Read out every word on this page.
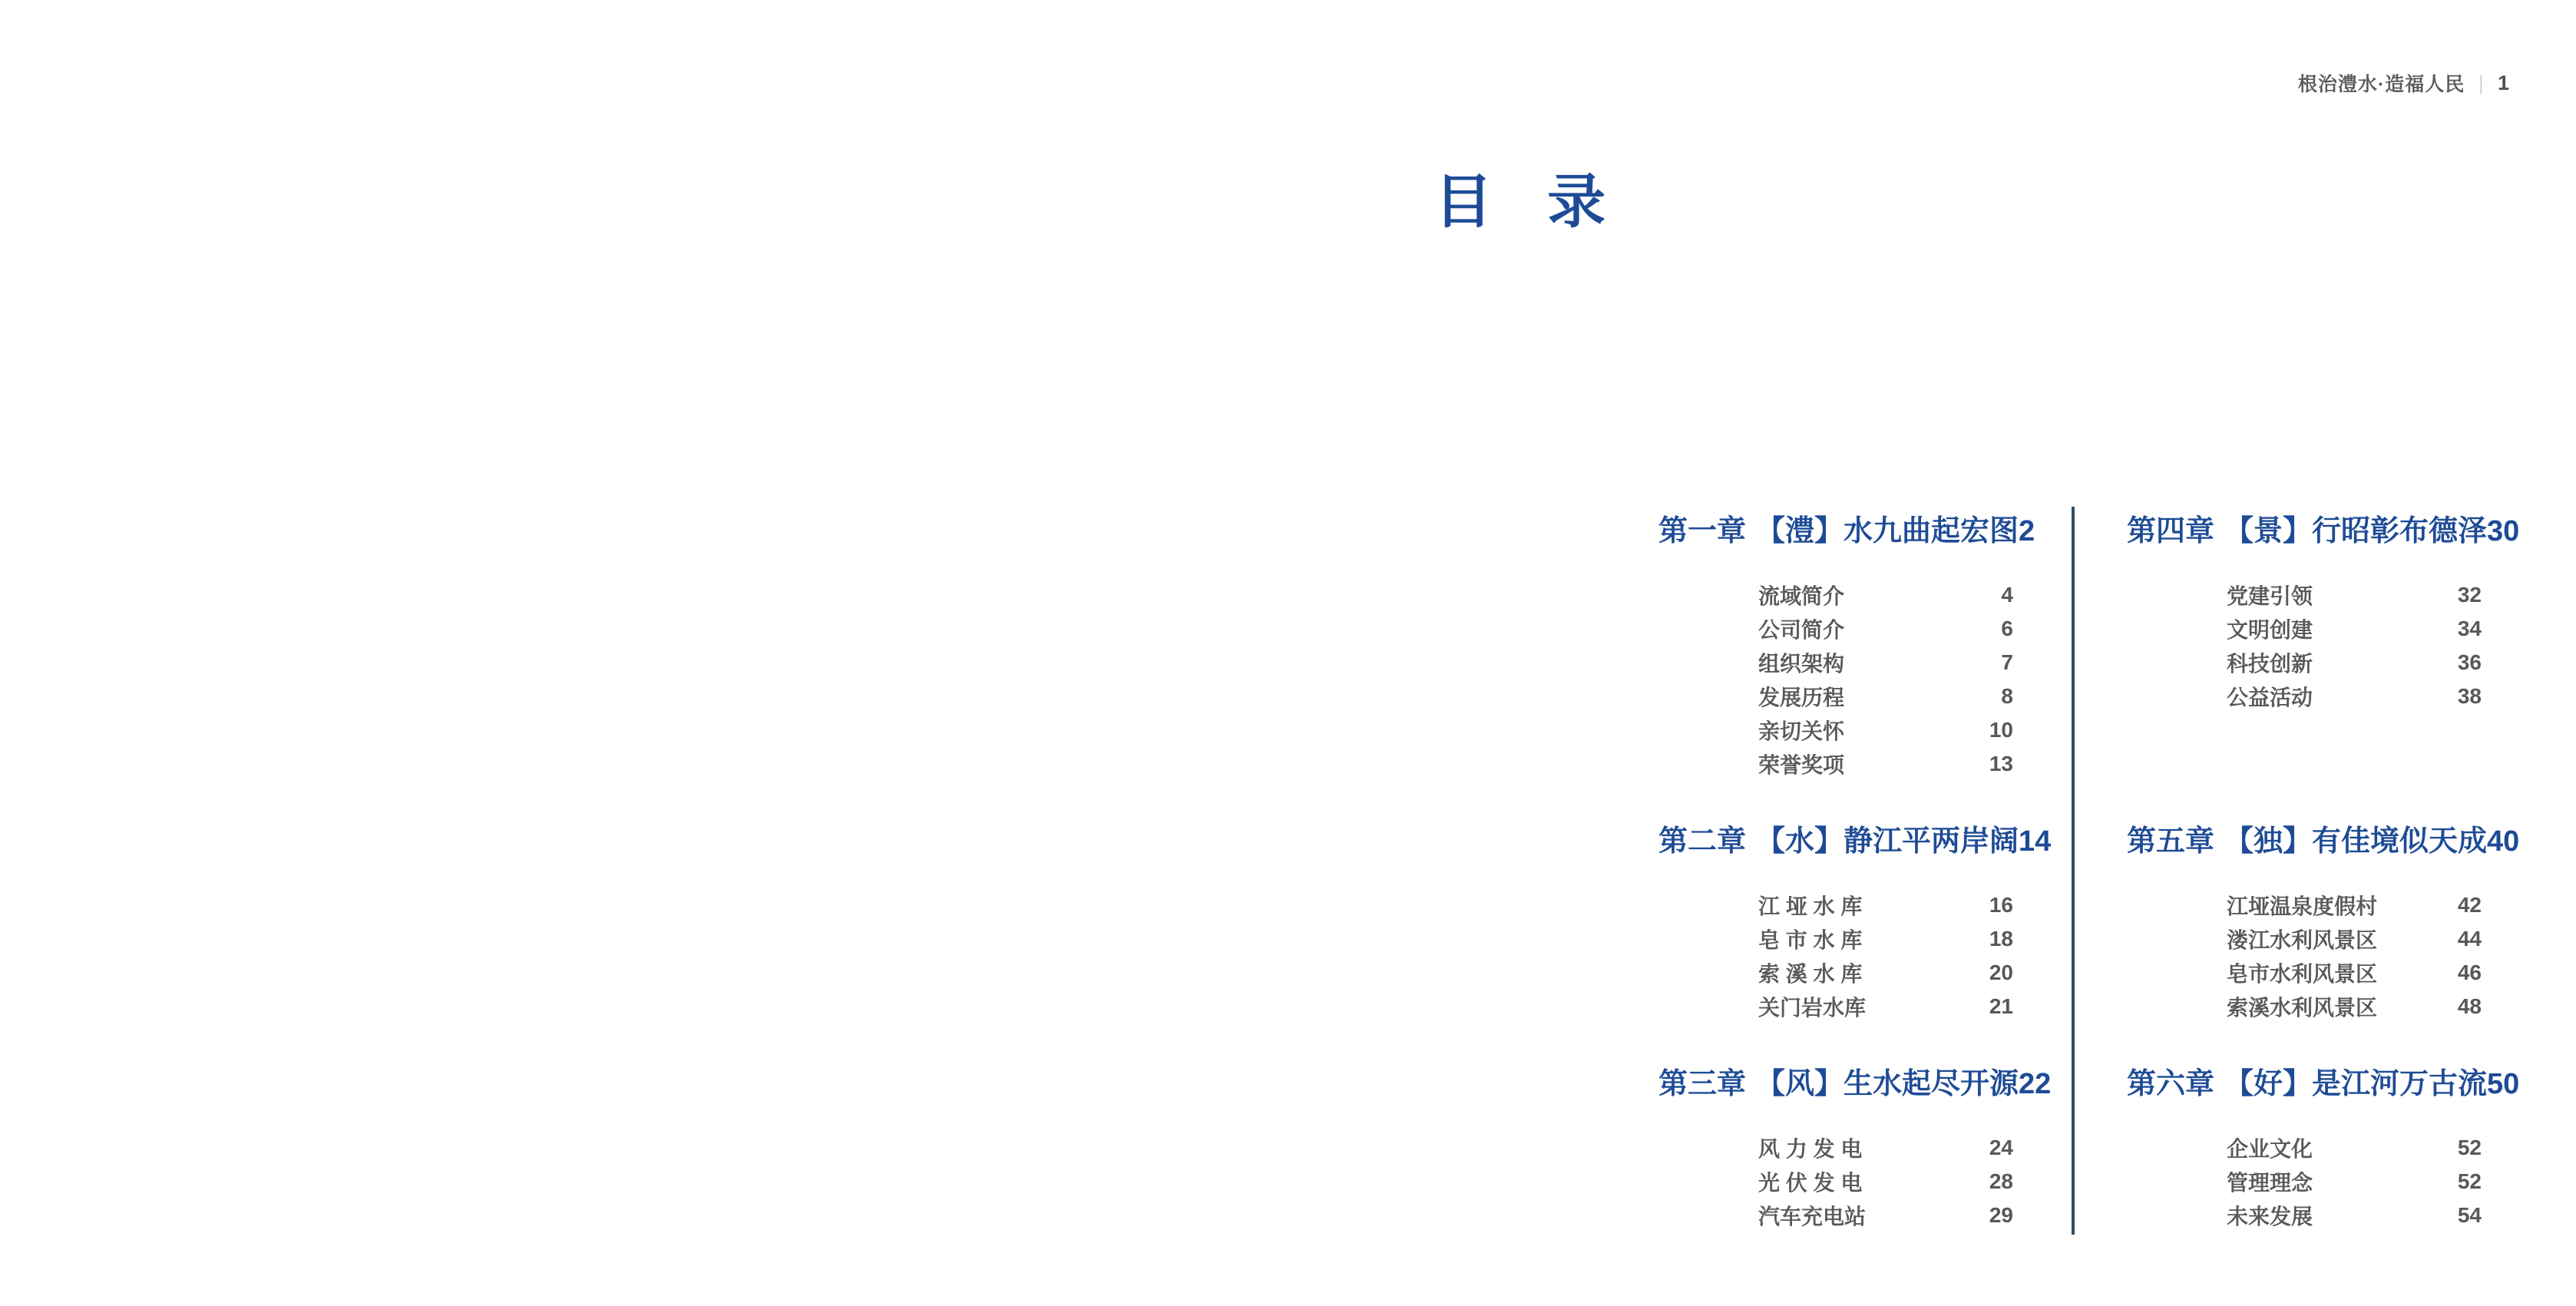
根治澧水·造福人民 | 1
目 录
第一章 【澧】水九曲起宏图 2
流域简介	4
公司简介	6
组织架构	7
发展历程	8
亲切关怀	10
荣誉奖项	13
第二章 【水】静江平两岸阔 14
江 垭 水 库	16
皂 市 水 库	18
索 溪 水 库	20
关门岩水库	21
第三章 【风】生水起尽开源 22
风 力 发 电	24
光 伏 发 电	28
汽车充电站	29
第四章 【景】行昭彰布德泽 30
党建引领	32
文明创建	34
科技创新	36
公益活动	38
第五章 【独】有佳境似天成 40
江垭温泉度假村	42
溇江水利风景区	44
皂市水利风景区	46
索溪水利风景区	48
第六章 【好】是江河万古流 50
企业文化	52
管理理念	52
未来发展	54
